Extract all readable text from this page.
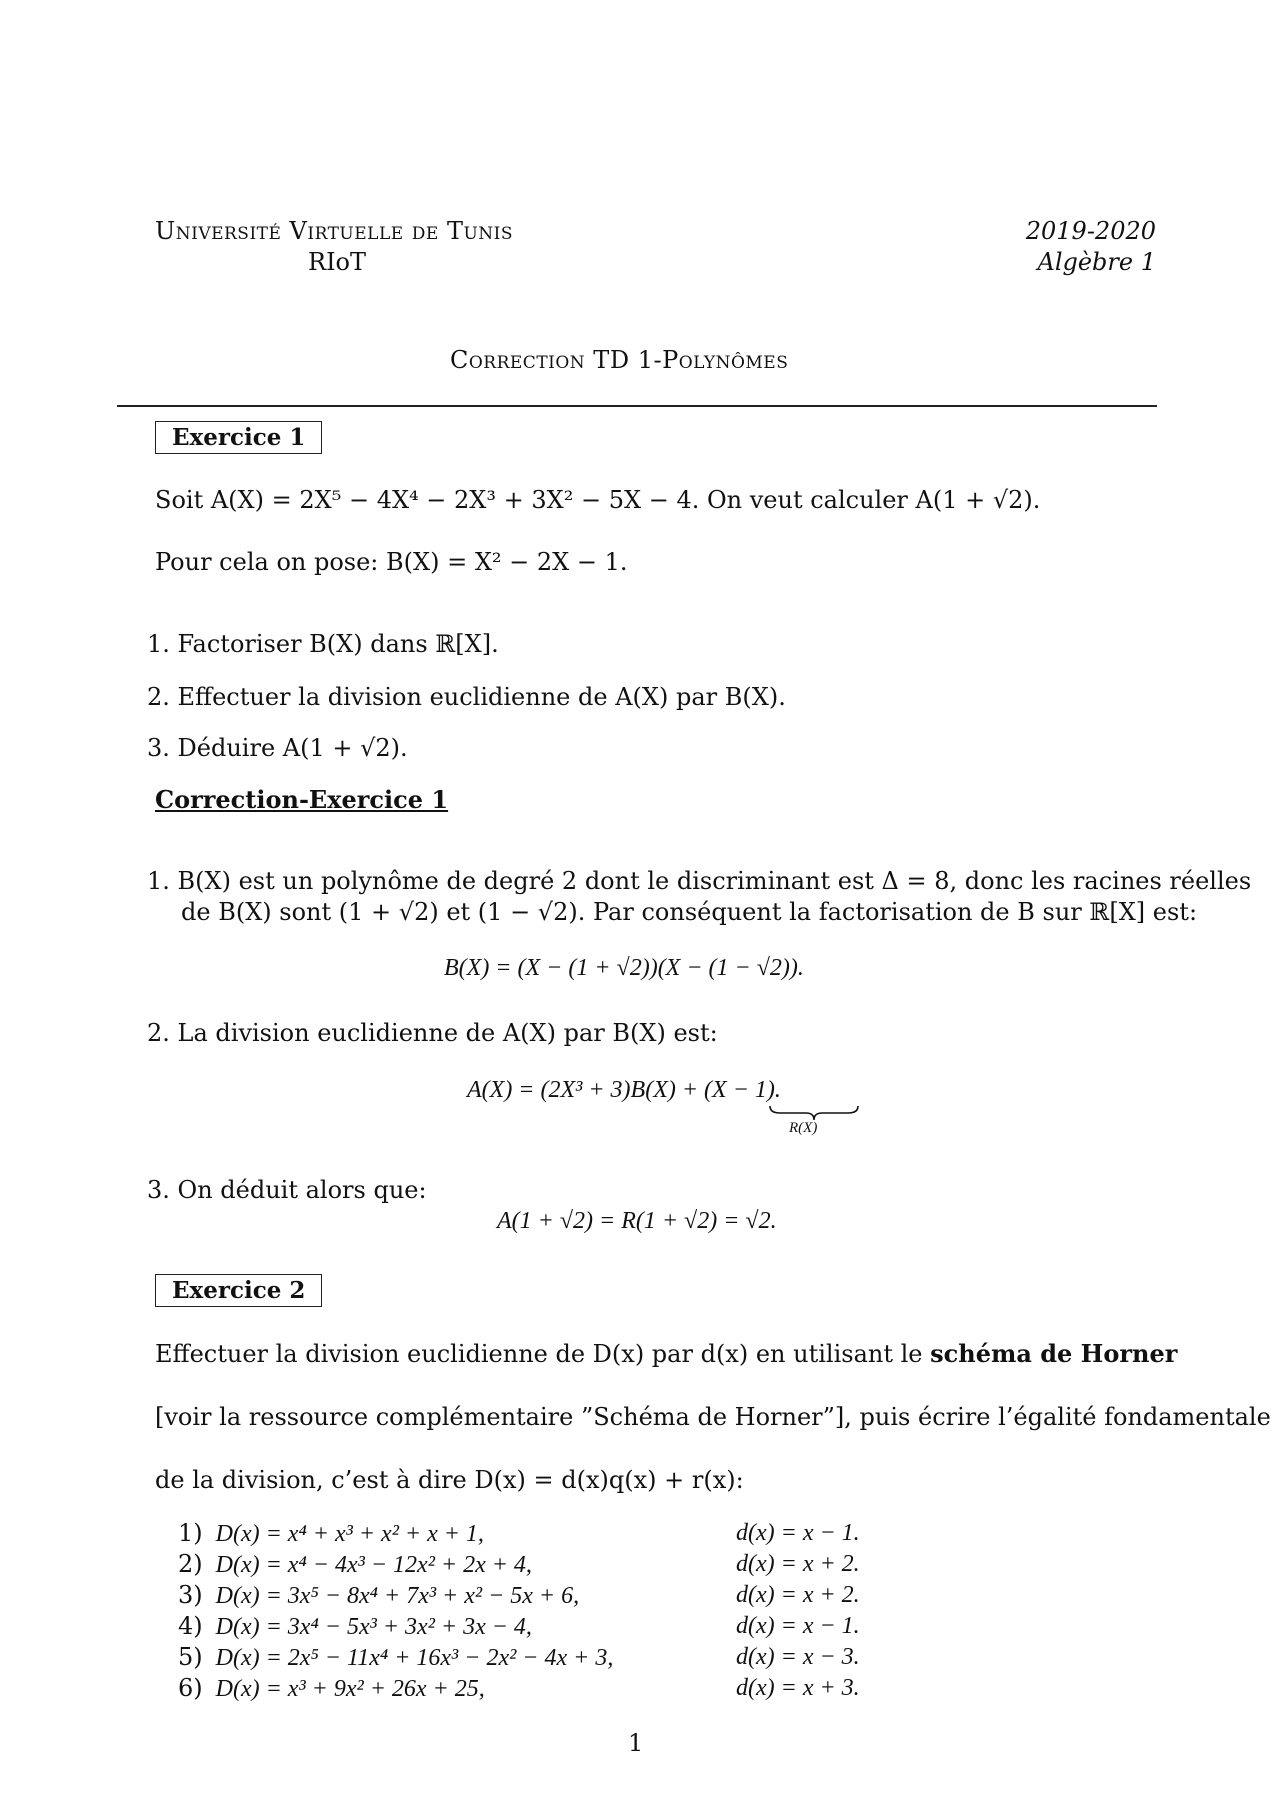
Université Virtuelle de Tunis
RIoT
2019-2020
Algèbre 1
Correction TD 1-Polynômes
Exercice 1
Soit A(X) = 2X⁵ − 4X⁴ − 2X³ + 3X² − 5X − 4. On veut calculer A(1 + √2).
Pour cela on pose: B(X) = X² − 2X − 1.
1. Factoriser B(X) dans ℝ[X].
2. Effectuer la division euclidienne de A(X) par B(X).
3. Déduire A(1 + √2).
Correction-Exercice 1
1. B(X) est un polynôme de degré 2 dont le discriminant est Δ = 8, donc les racines réelles
de B(X) sont (1 + √2) et (1 − √2). Par conséquent la factorisation de B sur ℝ[X] est:
B(X) = (X − (1 + √2))(X − (1 − √2)).
2. La division euclidienne de A(X) par B(X) est:
A(X) = (2X³ + 3)B(X) + (X − 1).
R(X)
3. On déduit alors que:
A(1 + √2) = R(1 + √2) = √2.
Exercice 2
Effectuer la division euclidienne de D(x) par d(x) en utilisant le schéma de Horner
[voir la ressource complémentaire ”Schéma de Horner”], puis écrire l’égalité fondamentale
de la division, c’est à dire D(x) = d(x)q(x) + r(x):
1) D(x) = x⁴ + x³ + x² + x + 1,	d(x) = x − 1.
2) D(x) = x⁴ − 4x³ − 12x² + 2x + 4,	d(x) = x + 2.
3) D(x) = 3x⁵ − 8x⁴ + 7x³ + x² − 5x + 6,	d(x) = x + 2.
4) D(x) = 3x⁴ − 5x³ + 3x² + 3x − 4,	d(x) = x − 1.
5) D(x) = 2x⁵ − 11x⁴ + 16x³ − 2x² − 4x + 3,	d(x) = x − 3.
6) D(x) = x³ + 9x² + 26x + 25,	d(x) = x + 3.
1
